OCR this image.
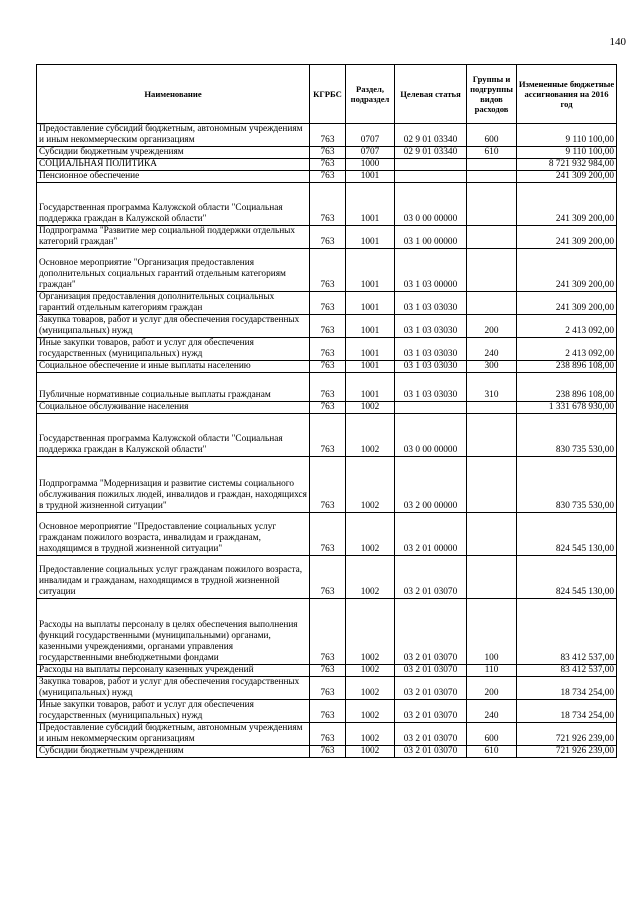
140
Наименование	КГРБС	Раздел, подраздел	Целевая статья	Группы и подгруппы видов расходов	Измененные бюджетные ассигнования на 2016 год
Предоставление субсидий бюджетным, автономным учреждениям и иным некоммерческим организациям	763	0707	02 9 01 03340	600	9 110 100,00
Субсидии бюджетным учреждениям	763	0707	02 9 01 03340	610	9 110 100,00
СОЦИАЛЬНАЯ ПОЛИТИКА	763	1000			8 721 932 984,00
Пенсионное обеспечение	763	1001			241 309 200,00
Государственная программа Калужской области "Социальная поддержка граждан в Калужской области"	763	1001	03 0 00 00000		241 309 200,00
Подпрограмма "Развитие мер социальной поддержки отдельных категорий граждан"	763	1001	03 1 00 00000		241 309 200,00
Основное мероприятие "Организация предоставления дополнительных социальных гарантий отдельным категориям граждан"	763	1001	03 1 03 00000		241 309 200,00
Организация предоставления дополнительных социальных гарантий отдельным категориям граждан	763	1001	03 1 03 03030		241 309 200,00
Закупка товаров, работ и услуг для обеспечения государственных (муниципальных) нужд	763	1001	03 1 03 03030	200	2 413 092,00
Иные закупки товаров, работ и услуг для обеспечения государственных (муниципальных) нужд	763	1001	03 1 03 03030	240	2 413 092,00
Социальное обеспечение и иные выплаты населению	763	1001	03 1 03 03030	300	238 896 108,00
Публичные нормативные социальные выплаты гражданам	763	1001	03 1 03 03030	310	238 896 108,00
Социальное обслуживание населения	763	1002			1 331 678 930,00
Государственная программа Калужской области "Социальная поддержка граждан в Калужской области"	763	1002	03 0 00 00000		830 735 530,00
Подпрограмма "Модернизация и развитие системы социального обслуживания пожилых людей, инвалидов и граждан, находящихся в трудной жизненной ситуации"	763	1002	03 2 00 00000		830 735 530,00
Основное мероприятие "Предоставление социальных услуг гражданам пожилого возраста, инвалидам и гражданам, находящимся в трудной жизненной ситуации"	763	1002	03 2 01 00000		824 545 130,00
Предоставление социальных услуг гражданам пожилого возраста, инвалидам и гражданам, находящимся в трудной жизненной ситуации	763	1002	03 2 01 03070		824 545 130,00
Расходы на выплаты персоналу в целях обеспечения выполнения функций государственными (муниципальными) органами, казенными учреждениями, органами управления государственными внебюджетными фондами	763	1002	03 2 01 03070	100	83 412 537,00
Расходы на выплаты персоналу казенных учреждений	763	1002	03 2 01 03070	110	83 412 537,00
Закупка товаров, работ и услуг для обеспечения государственных (муниципальных) нужд	763	1002	03 2 01 03070	200	18 734 254,00
Иные закупки товаров, работ и услуг для обеспечения государственных (муниципальных) нужд	763	1002	03 2 01 03070	240	18 734 254,00
Предоставление субсидий бюджетным, автономным учреждениям и иным некоммерческим организациям	763	1002	03 2 01 03070	600	721 926 239,00
Субсидии бюджетным учреждениям	763	1002	03 2 01 03070	610	721 926 239,00
